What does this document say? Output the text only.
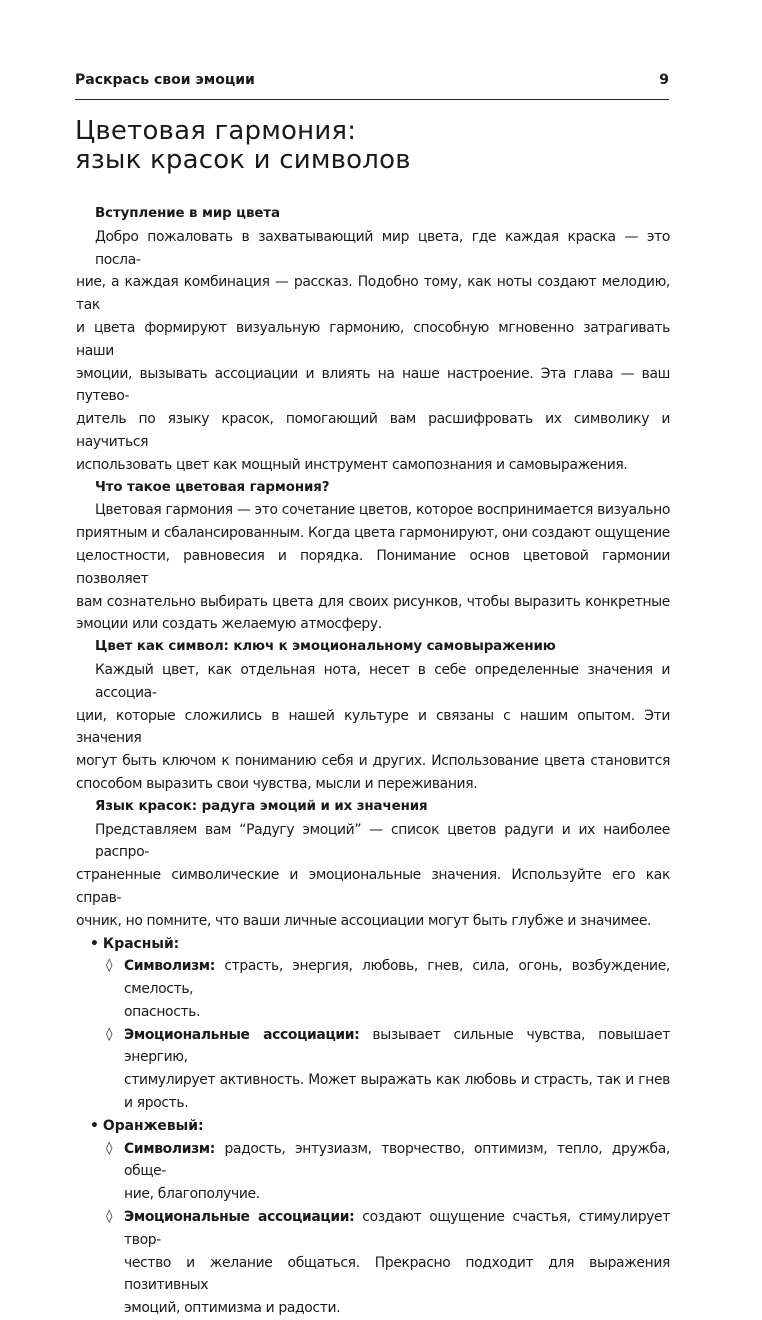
Раскрась свои эмоции	9
Цветовая гармония:
язык красок и символов

Вступление в мир цвета

Добро пожаловать в захватывающий мир цвета, где каждая краска — это посла-
ние, а каждая комбинация — рассказ. Подобно тому, как ноты создают мелодию, так
и цвета формируют визуальную гармонию, способную мгновенно затрагивать наши
эмоции, вызывать ассоциации и влиять на наше настроение. Эта глава — ваш путево-
дитель по языку красок, помогающий вам расшифровать их символику и научиться
использовать цвет как мощный инструмент самопознания и самовыражения.

Что такое цветовая гармония?

Цветовая гармония — это сочетание цветов, которое воспринимается визуально
приятным и сбалансированным. Когда цвета гармонируют, они создают ощущение
целостности, равновесия и порядка. Понимание основ цветовой гармонии позволяет
вам сознательно выбирать цвета для своих рисунков, чтобы выразить конкретные
эмоции или создать желаемую атмосферу.

Цвет как символ: ключ к эмоциональному самовыражению

Каждый цвет, как отдельная нота, несет в себе определенные значения и ассоциа-
ции, которые сложились в нашей культуре и связаны с нашим опытом. Эти значения
могут быть ключом к пониманию себя и других. Использование цвета становится
способом выразить свои чувства, мысли и переживания.

Язык красок: радуга эмоций и их значения

Представляем вам “Радугу эмоций” — список цветов радуги и их наиболее распро-
страненные символические и эмоциональные значения. Используйте его как справ-
очник, но помните, что ваши личные ассоциации могут быть глубже и значимее.

• Красный:

◊ Символизм: страсть, энергия, любовь, гнев, сила, огонь, возбуждение, смелость,
опасность.
◊ Эмоциональные ассоциации: вызывает сильные чувства, повышает энергию,
стимулирует активность. Может выражать как любовь и страсть, так и гнев
и ярость.

• Оранжевый:

◊ Символизм: радость, энтузиазм, творчество, оптимизм, тепло, дружба, обще-
ние, благополучие.
◊ Эмоциональные ассоциации: создают ощущение счастья, стимулирует твор-
чество и желание общаться. Прекрасно подходит для выражения позитивных
эмоций, оптимизма и радости.
